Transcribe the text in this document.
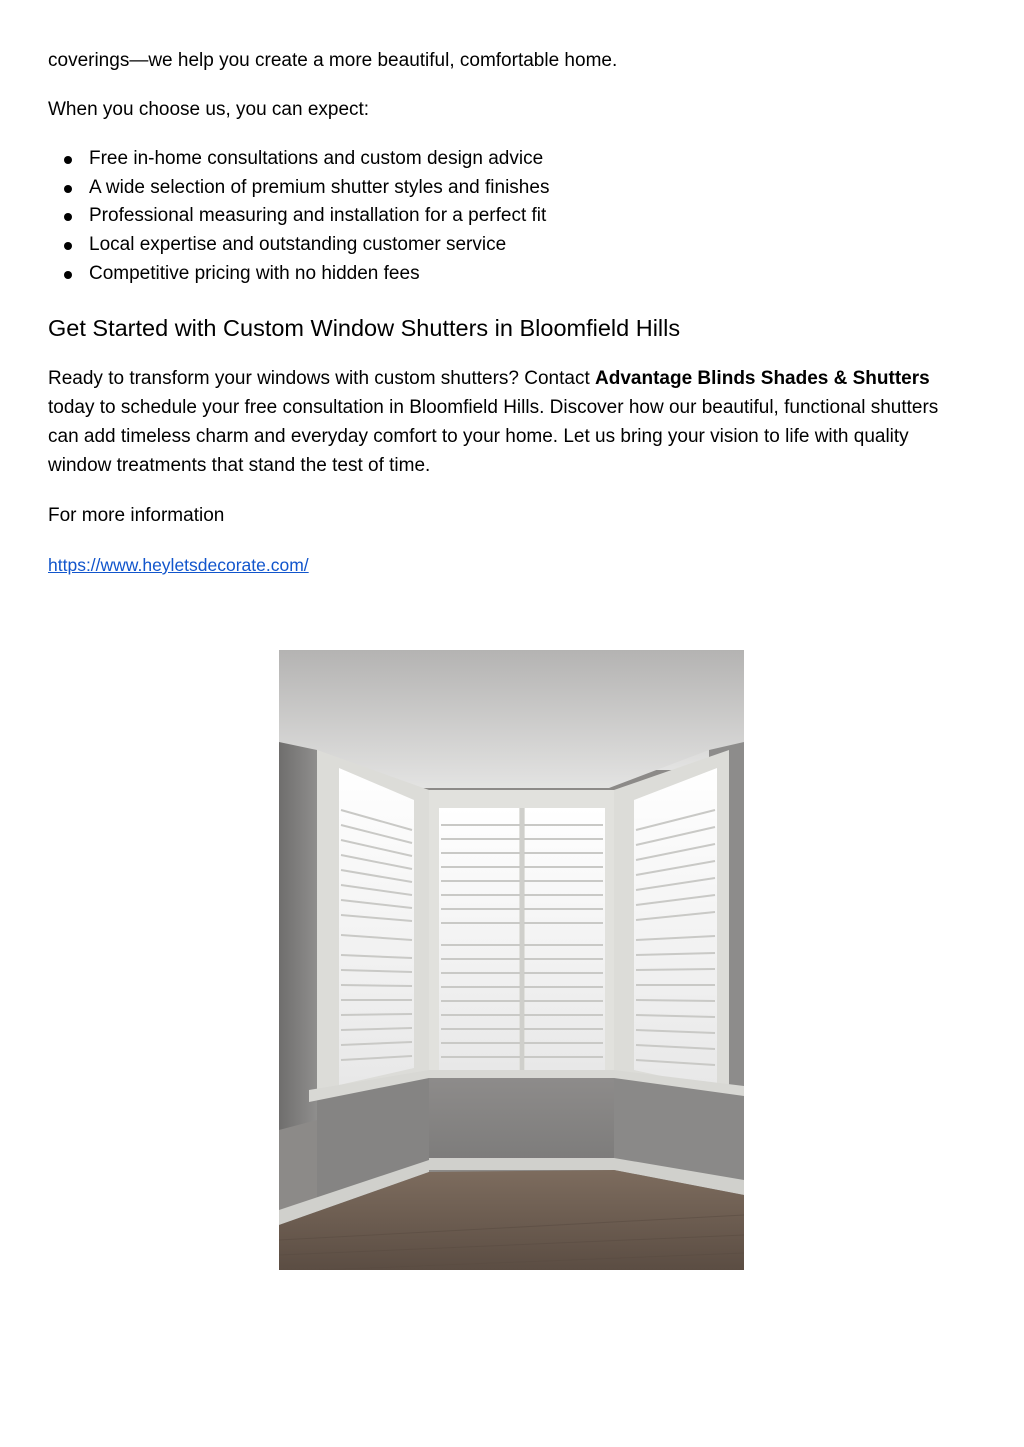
coverings—we help you create a more beautiful, comfortable home.

When you choose us, you can expect:

Free in-home consultations and custom design advice
A wide selection of premium shutter styles and finishes
Professional measuring and installation for a perfect fit
Local expertise and outstanding customer service
Competitive pricing with no hidden fees
Get Started with Custom Window Shutters in Bloomfield Hills

Ready to transform your windows with custom shutters? Contact Advantage Blinds Shades & Shutters today to schedule your free consultation in Bloomfield Hills. Discover how our beautiful, functional shutters can add timeless charm and everyday comfort to your home. Let us bring your vision to life with quality window treatments that stand the test of time.

For more information

https://www.heyletsdecorate.com/
